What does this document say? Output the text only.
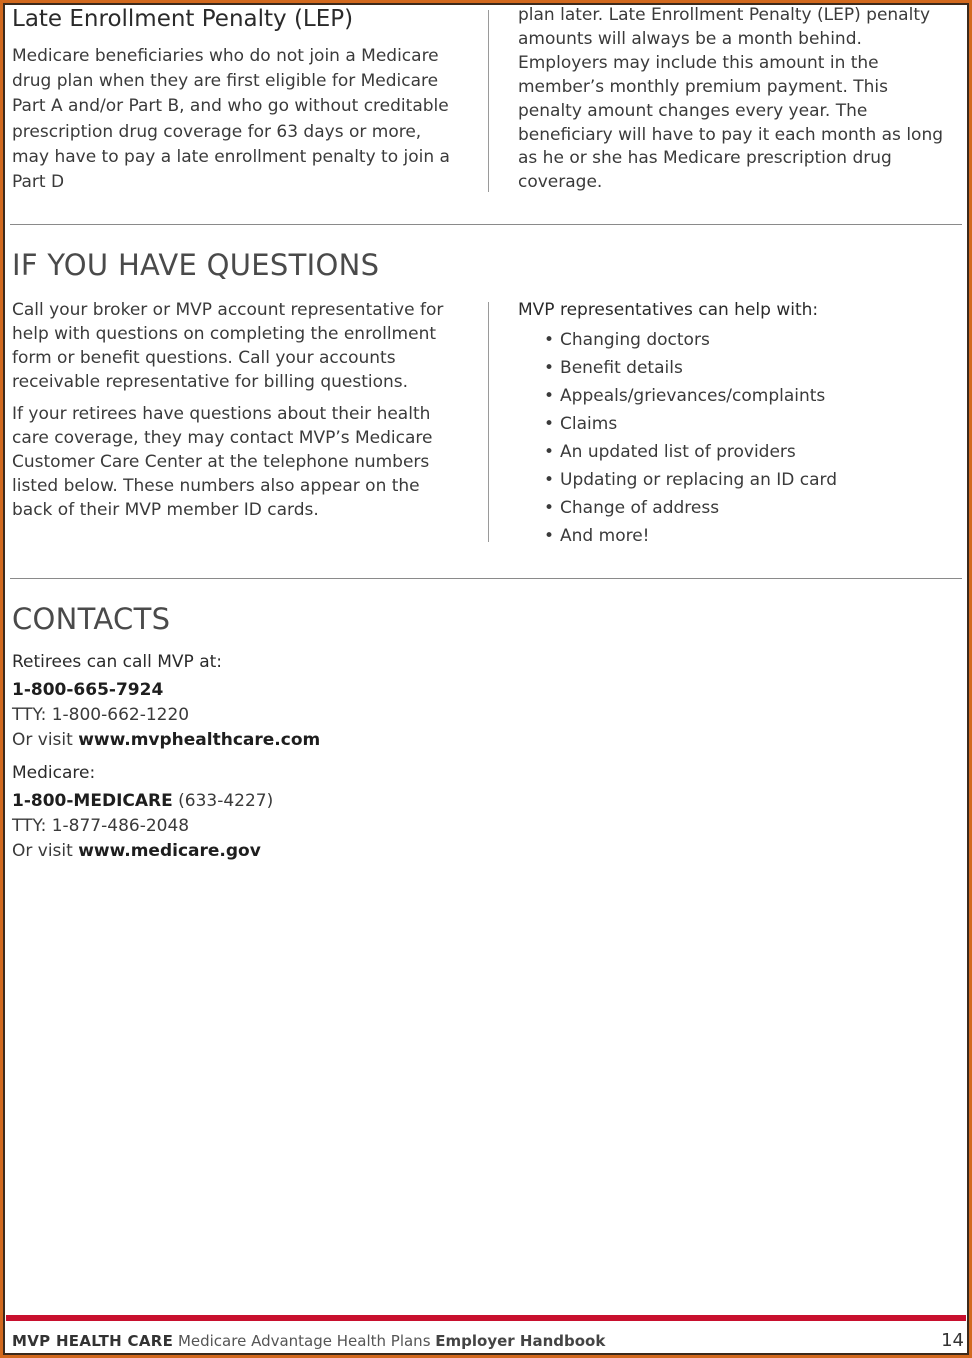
Late Enrollment Penalty (LEP)

Medicare beneficiaries who do not join a Medicare drug plan when they are first eligible for Medicare Part A and/or Part B, and who go without creditable prescription drug coverage for 63 days or more, may have to pay a late enrollment penalty to join a Part D

plan later. Late Enrollment Penalty (LEP) penalty amounts will always be a month behind. Employers may include this amount in the member’s monthly premium payment. This penalty amount changes every year. The beneficiary will have to pay it each month as long as he or she has Medicare prescription drug coverage.

IF YOU HAVE QUESTIONS

Call your broker or MVP account representative for help with questions on completing the enrollment form or benefit questions. Call your accounts receivable representative for billing questions.

If your retirees have questions about their health care coverage, they may contact MVP’s Medicare Customer Care Center at the telephone numbers listed below. These numbers also appear on the back of their MVP member ID cards.

MVP representatives can help with:

• Changing doctors
• Benefit details
• Appeals/grievances/complaints
• Claims
• An updated list of providers
• Updating or replacing an ID card
• Change of address
• And more!
CONTACTS

Retirees can call MVP at:

1-800-665-7924

TTY: 1-800-662-1220

Or visit www.mvphealthcare.com

Medicare:

1-800-MEDICARE (633-4227)

TTY: 1-877-486-2048

Or visit www.medicare.gov

MVP HEALTH CARE Medicare Advantage Health Plans Employer Handbook	14
